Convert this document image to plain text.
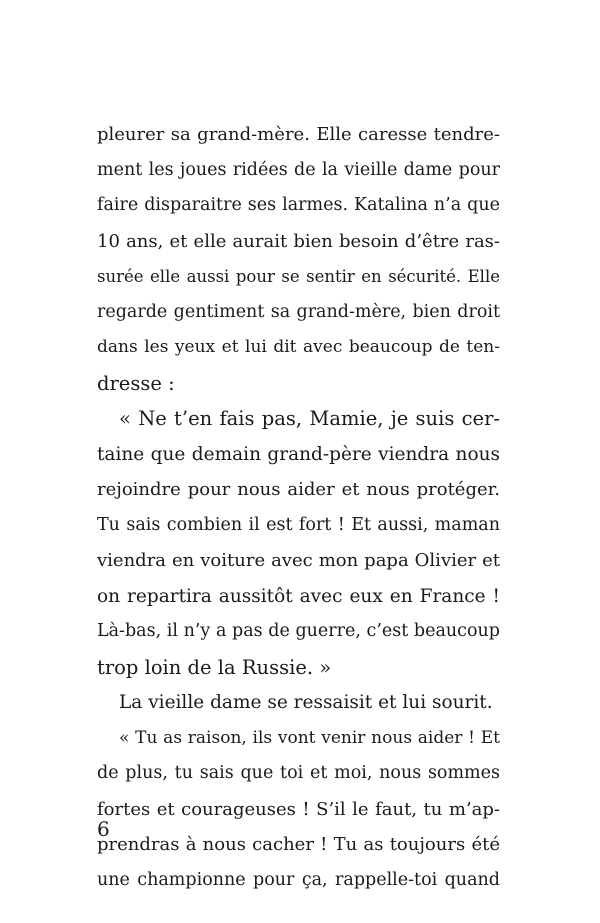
pleurer sa grand-mère. Elle caresse tendre-
ment les joues ridées de la vieille dame pour
faire disparaitre ses larmes. Katalina n’a que
10 ans, et elle aurait bien besoin d’être ras-
surée elle aussi pour se sentir en sécurité. Elle
regarde gentiment sa grand-mère, bien droit
dans les yeux et lui dit avec beaucoup de ten-
dresse :
« Ne t’en fais pas, Mamie, je suis cer-
taine que demain grand-père viendra nous
rejoindre pour nous aider et nous protéger.
Tu sais combien il est fort ! Et aussi, maman
viendra en voiture avec mon papa Olivier et
on repartira aussitôt avec eux en France !
Là-bas, il n’y a pas de guerre, c’est beaucoup
trop loin de la Russie. »
La vieille dame se ressaisit et lui sourit.
« Tu as raison, ils vont venir nous aider ! Et
de plus, tu sais que toi et moi, nous sommes
fortes et courageuses ! S’il le faut, tu m’ap-
prendras à nous cacher ! Tu as toujours été
une championne pour ça, rappelle-toi quand
6
